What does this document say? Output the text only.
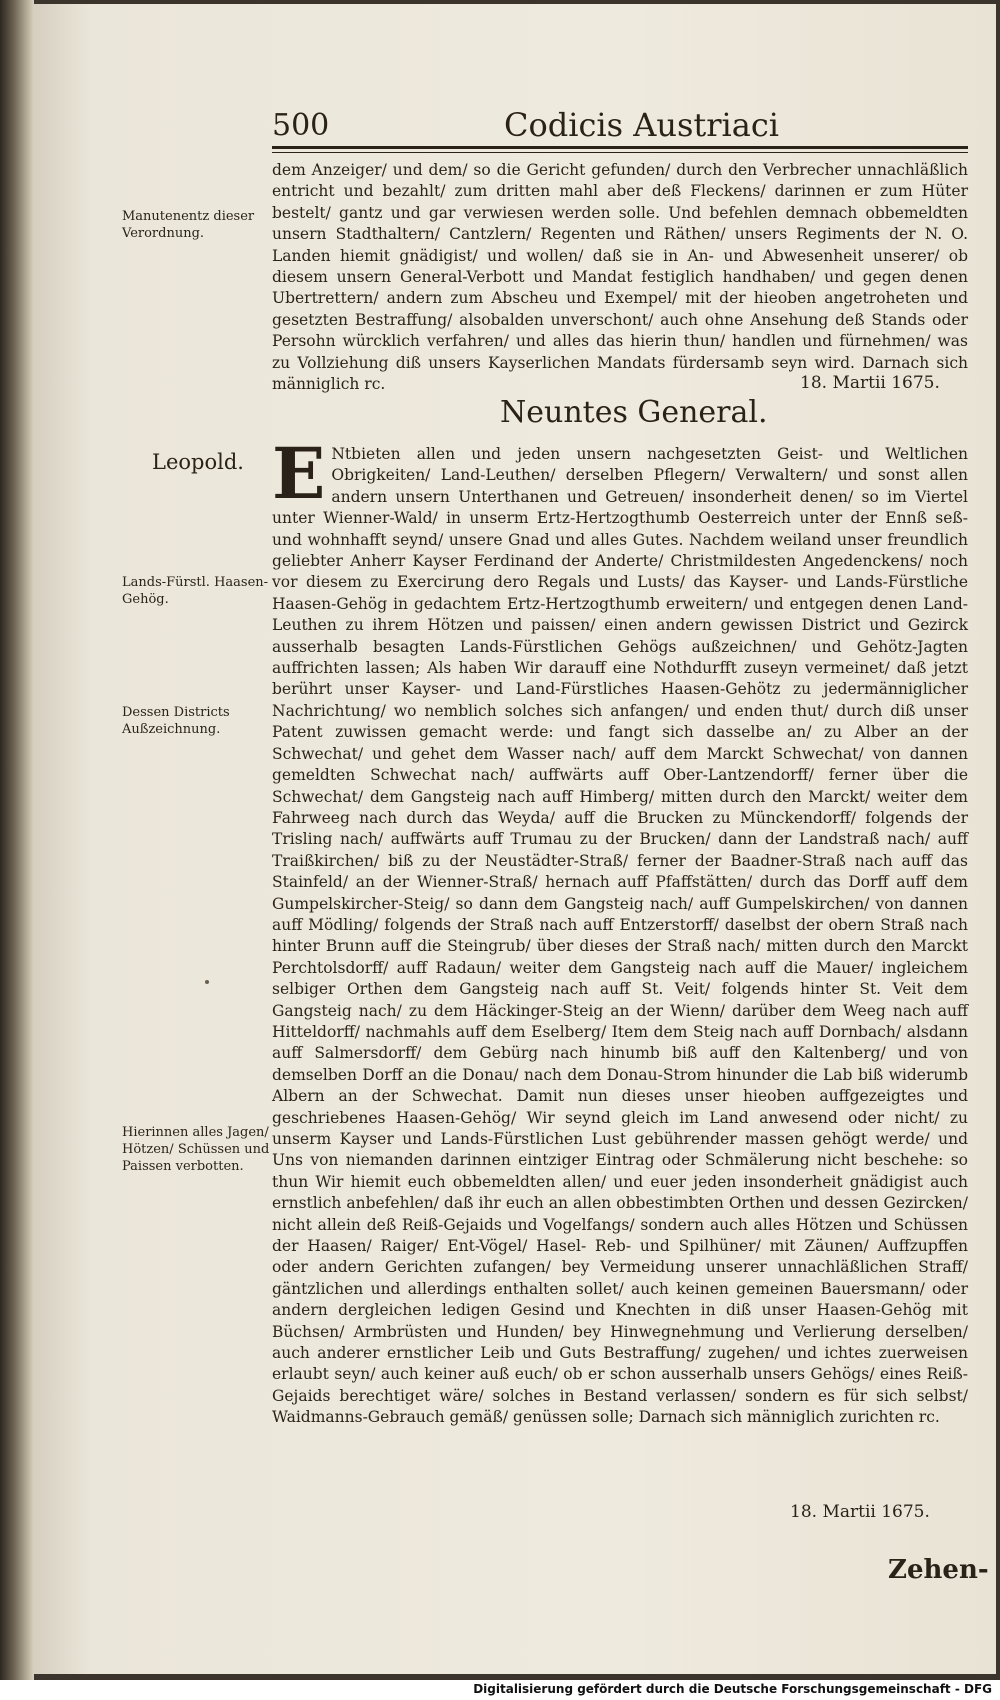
500	Codicis Austriaci
Manutenentz dieser Verordnung.
dem Anzeiger/ und dem/ so die Gericht gefunden/ durch den Verbrecher unnachläßlich entricht und bezahlt/ zum dritten mahl aber deß Fleckens/ darinnen er zum Hüter bestelt/ gantz und gar verwiesen werden solle. Und befehlen demnach obbemeldten unsern Stadthaltern/ Cantzlern/ Regenten und Räthen/ unsers Regiments der N. O. Landen hiemit gnädigist/ und wollen/ daß sie in An- und Abwesenheit unserer/ ob diesem unsern General-Verbott und Mandat festiglich handhaben/ und gegen denen Ubertrettern/ andern zum Abscheu und Exempel/ mit der hieoben angetroheten und gesetzten Bestraffung/ alsobalden unverschont/ auch ohne Ansehung deß Stands oder Persohn würcklich verfahren/ und alles das hierin thun/ handlen und fürnehmen/ was zu Vollziehung diß unsers Kayserlichen Mandats fürdersamb seyn wird. Darnach sich männiglich rc.	18. Martii 1675.
Neuntes General.
Leopold.
Lands-Fürstl. Haasen-Gehög.
Dessen Districts Außzeichnung.
Hierinnen alles Jagen/ Hötzen/ Schüssen und Paissen verbotten.
E Ntbieten allen und jeden unsern nachgesetzten Geist- und Weltlichen Obrigkeiten/ Land-Leuthen/ derselben Pflegern/ Verwaltern/ und sonst allen andern unsern Unterthanen und Getreuen/ insonderheit denen/ so im Viertel unter Wienner-Wald/ in unserm Ertz-Hertzogthumb Oesterreich unter der Ennß seß- und wohnhafft seynd/ unsere Gnad und alles Gutes. Nachdem weiland unser freundlich geliebter Anherr Kayser Ferdinand der Anderte/ Christmildesten Angedenckens/ noch vor diesem zu Exercirung dero Regals und Lusts/ das Kayser- und Lands-Fürstliche Haasen-Gehög in gedachtem Ertz-Hertzogthumb erweitern/ und entgegen denen Land-Leuthen zu ihrem Hötzen und paissen/ einen andern gewissen District und Gezirck ausserhalb besagten Lands-Fürstlichen Gehögs außzeichnen/ und Gehötz-Jagten auffrichten lassen; Als haben Wir darauff eine Nothdurfft zuseyn vermeinet/ daß jetzt berührt unser Kayser- und Land-Fürstliches Haasen-Gehötz zu jedermänniglicher Nachrichtung/ wo nemblich solches sich anfangen/ und enden thut/ durch diß unser Patent zuwissen gemacht werde: und fangt sich dasselbe an/ zu Alber an der Schwechat/ und gehet dem Wasser nach/ auff dem Marckt Schwechat/ von dannen gemeldten Schwechat nach/ auffwärts auff Ober-Lantzendorff/ ferner über die Schwechat/ dem Gangsteig nach auff Himberg/ mitten durch den Marckt/ weiter dem Fahrweeg nach durch das Weyda/ auff die Brucken zu Münckendorff/ folgends der Trisling nach/ auffwärts auff Trumau zu der Brucken/ dann der Landstraß nach/ auff Traißkirchen/ biß zu der Neustädter-Straß/ ferner der Baadner-Straß nach auff das Stainfeld/ an der Wienner-Straß/ hernach auff Pfaffstätten/ durch das Dorff auff dem Gumpelskircher-Steig/ so dann dem Gangsteig nach/ auff Gumpelskirchen/ von dannen auff Mödling/ folgends der Straß nach auff Entzerstorff/ daselbst der obern Straß nach hinter Brunn auff die Steingrub/ über dieses der Straß nach/ mitten durch den Marckt Perchtolsdorff/ auff Radaun/ weiter dem Gangsteig nach auff die Mauer/ ingleichem selbiger Orthen dem Gangsteig nach auff St. Veit/ folgends hinter St. Veit dem Gangsteig nach/ zu dem Häckinger-Steig an der Wienn/ darüber dem Weeg nach auff Hitteldorff/ nachmahls auff dem Eselberg/ Item dem Steig nach auff Dornbach/ alsdann auff Salmersdorff/ dem Gebürg nach hinumb biß auff den Kaltenberg/ und von demselben Dorff an die Donau/ nach dem Donau-Strom hinunder die Lab biß widerumb Albern an der Schwechat. Damit nun dieses unser hieoben auffgezeigtes und geschriebenes Haasen-Gehög/ Wir seynd gleich im Land anwesend oder nicht/ zu unserm Kayser und Lands-Fürstlichen Lust gebührender massen gehögt werde/ und Uns von niemanden darinnen eintziger Eintrag oder Schmälerung nicht beschehe: so thun Wir hiemit euch obbemeldten allen/ und euer jeden insonderheit gnädigist auch ernstlich anbefehlen/ daß ihr euch an allen obbestimbten Orthen und dessen Gezircken/ nicht allein deß Reiß-Gejaids und Vogelfangs/ sondern auch alles Hötzen und Schüssen der Haasen/ Raiger/ Ent-Vögel/ Hasel- Reb- und Spilhüner/ mit Zäunen/ Auffzupffen oder andern Gerichten zufangen/ bey Vermeidung unserer unnachläßlichen Straff/ gäntzlichen und allerdings enthalten sollet/ auch keinen gemeinen Bauersmann/ oder andern dergleichen ledigen Gesind und Knechten in diß unser Haasen-Gehög mit Büchsen/ Armbrüsten und Hunden/ bey Hinwegnehmung und Verlierung derselben/ auch anderer ernstlicher Leib und Guts Bestraffung/ zugehen/ und ichtes zuerweisen erlaubt seyn/ auch keiner auß euch/ ob er schon ausserhalb unsers Gehögs/ eines Reiß-Gejaids berechtiget wäre/ solches in Bestand verlassen/ sondern es für sich selbst/ Waidmanns-Gebrauch gemäß/ genüssen solle; Darnach sich männiglich zurichten rc.
18. Martii 1675.
Zehen-
Digitalisierung gefördert durch die Deutsche Forschungsgemeinschaft - DFG
